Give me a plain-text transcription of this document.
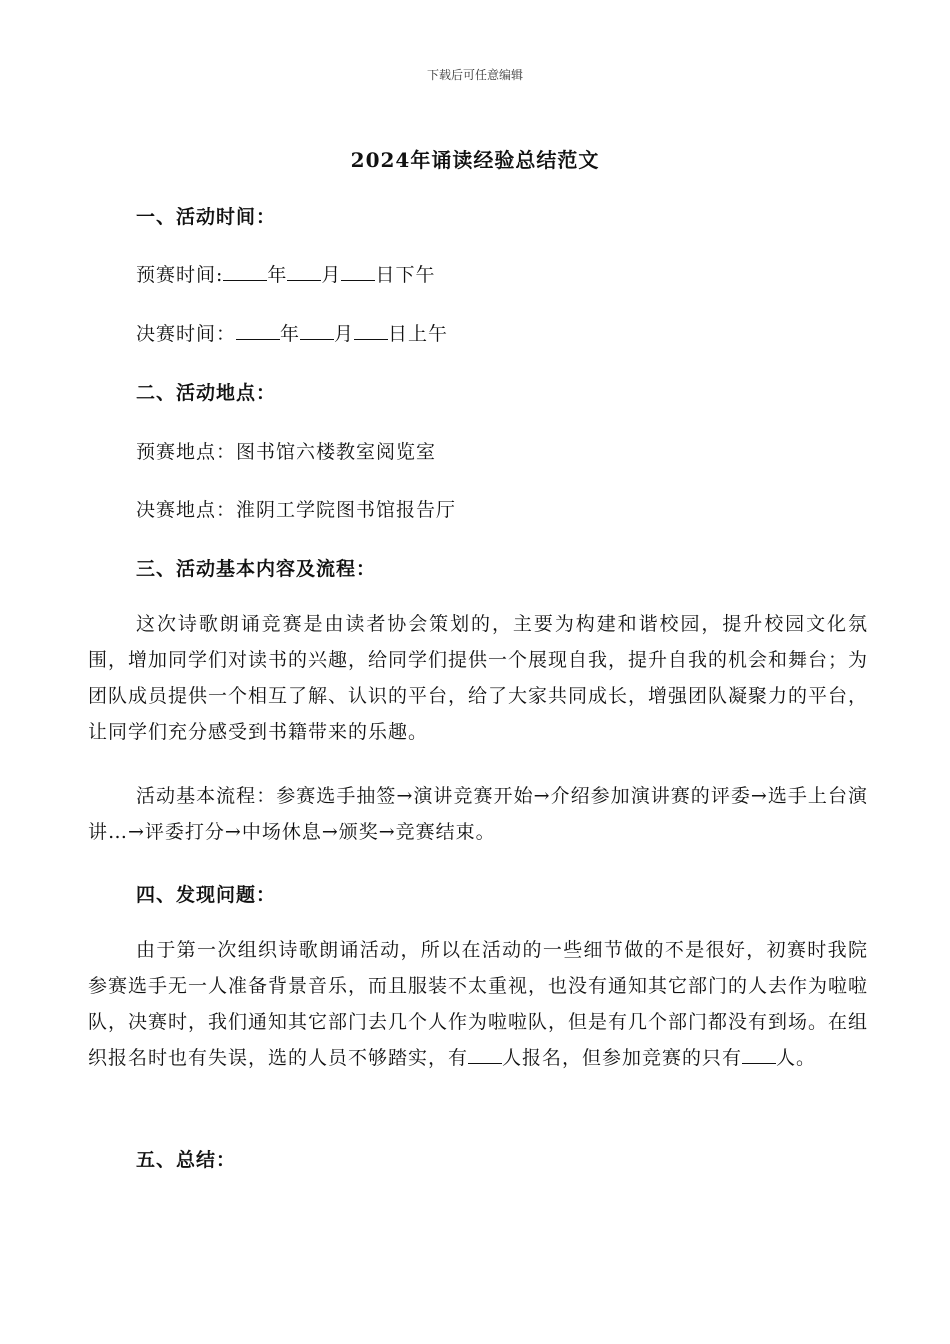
下载后可任意编辑
2024年诵读经验总结范文
一、活动时间：
预赛时间: 年 月 日下午
决赛时间： 年 月 日上午
二、活动地点：
预赛地点：图书馆六楼教室阅览室
决赛地点：淮阴工学院图书馆报告厅
三、活动基本内容及流程：
这次诗歌朗诵竞赛是由读者协会策划的，主要为构建和谐校园，提升校园文化氛围，增加同学们对读书的兴趣，给同学们提供一个展现自我，提升自我的机会和舞台；为团队成员提供一个相互了解、认识的平台，给了大家共同成长，增强团队凝聚力的平台，让同学们充分感受到书籍带来的乐趣。
活动基本流程：参赛选手抽签→演讲竞赛开始→介绍参加演讲赛的评委→选手上台演讲…→评委打分→中场休息→颁奖→竞赛结束。
四、发现问题：
由于第一次组织诗歌朗诵活动，所以在活动的一些细节做的不是很好，初赛时我院参赛选手无一人准备背景音乐，而且服装不太重视，也没有通知其它部门的人去作为啦啦队，决赛时，我们通知其它部门去几个人作为啦啦队，但是有几个部门都没有到场。在组织报名时也有失误，选的人员不够踏实，有 人报名，但参加竞赛的只有 人。
五、总结：
